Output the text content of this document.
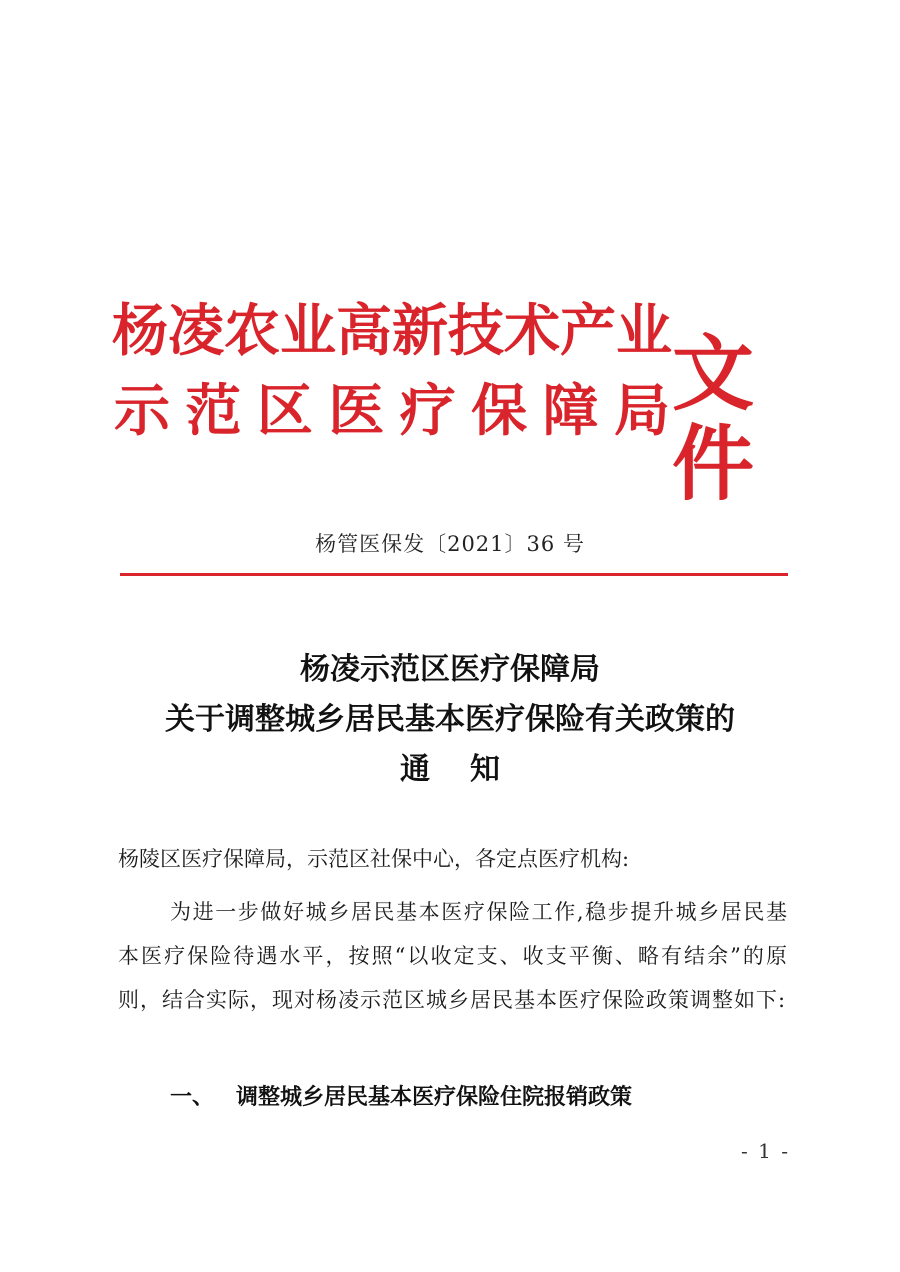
杨 凌 农 业 高 新 技 术 产 业
示 范 区 医 疗 保 障 局 文件
杨管医保发〔2021〕36 号
杨凌示范区医疗保障局
关于调整城乡居民基本医疗保险有关政策的
通知
杨陵区医疗保障局，示范区社保中心，各定点医疗机构:
为进一步做好城乡居民基本医疗保险工作,稳步提升城乡居民基本医疗保险待遇水平，按照“以收定支、收支平衡、略有结余”的原则，结合实际，现对杨凌示范区城乡居民基本医疗保险政策调整如下:
一、 调整城乡居民基本医疗保险住院报销政策
- 1 -
